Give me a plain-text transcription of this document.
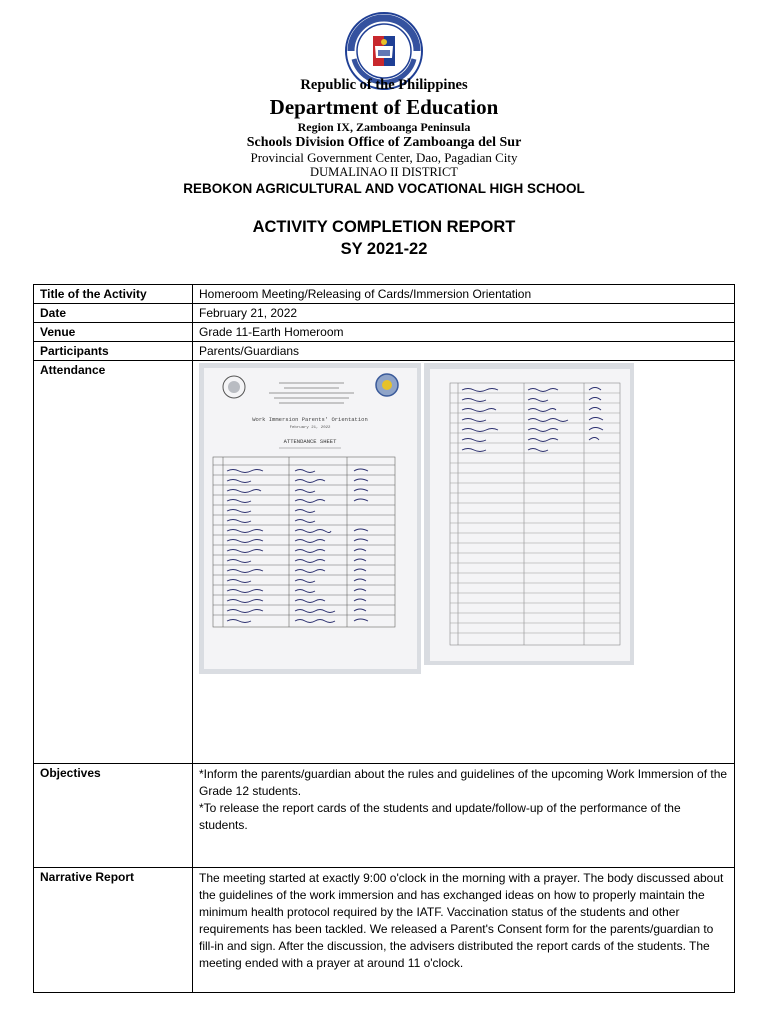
Republic of the Philippines
Department of Education
Region IX, Zamboanga Peninsula
Schools Division Office of Zamboanga del Sur
Provincial Government Center, Dao, Pagadian City
DUMALINAO II DISTRICT
REBOKON AGRICULTURAL AND VOCATIONAL HIGH SCHOOL
ACTIVITY COMPLETION REPORT
SY 2021-22
Title of the Activity	Homeroom Meeting/Releasing of Cards/Immersion Orientation
Date	February 21, 2022
Venue	Grade 11-Earth Homeroom
Participants	Parents/Guardians
Attendance	Work Immersion Parents' Orientation
February 21, 2022
ATTENDANCE SHEET

Objectives	*Inform the parents/guardian about the rules and guidelines of the upcoming Work Immersion of the Grade 12 students.
*To release the report cards of the students and update/follow-up of the performance of the students.

Narrative Report	The meeting started at exactly 9:00 o'clock in the morning with a prayer. The body discussed about the guidelines of the work immersion and has exchanged ideas on how to properly maintain the minimum health protocol required by the IATF. Vaccination status of the students and other requirements has been tackled. We released a Parent's Consent form for the parents/guardian to fill-in and sign. After the discussion, the advisers distributed the report cards of the students. The meeting ended with a prayer at around 11 o'clock.
